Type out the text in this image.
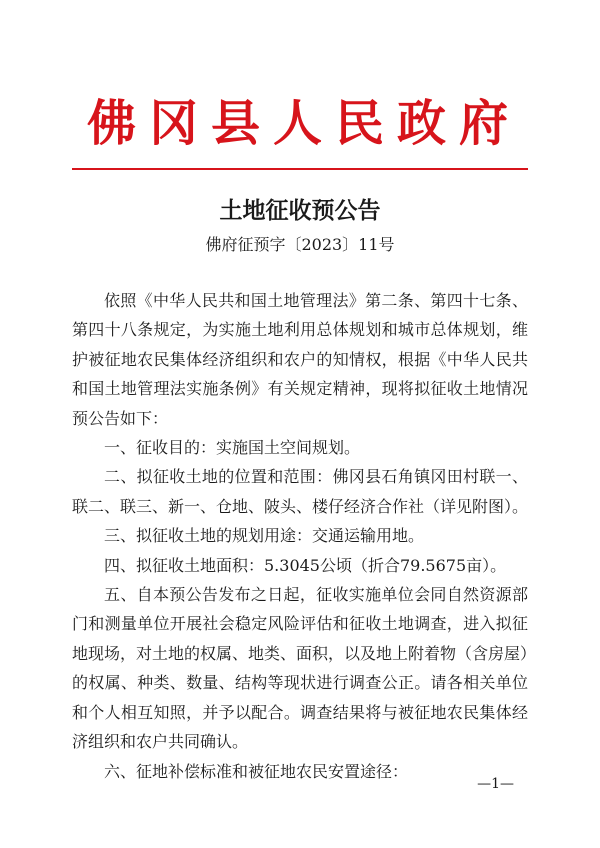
佛冈县人民政府
土地征收预公告
佛府征预字〔2023〕11号

依照《中华人民共和国土地管理法》第二条、第四十七条、第四十八条规定，为实施土地利用总体规划和城市总体规划，维护被征地农民集体经济组织和农户的知情权，根据《中华人民共和国土地管理法实施条例》有关规定精神，现将拟征收土地情况预公告如下：

一、征收目的：实施国土空间规划。

二、拟征收土地的位置和范围：佛冈县石角镇冈田村联一、联二、联三、新一、仓地、陂头、楼仔经济合作社（详见附图）。

三、拟征收土地的规划用途：交通运输用地。

四、拟征收土地面积：5.3045公顷（折合79.5675亩）。

五、自本预公告发布之日起，征收实施单位会同自然资源部门和测量单位开展社会稳定风险评估和征收土地调查，进入拟征地现场，对土地的权属、地类、面积，以及地上附着物（含房屋）的权属、种类、数量、结构等现状进行调查公正。请各相关单位和个人相互知照，并予以配合。调查结果将与被征地农民集体经济组织和农户共同确认。

六、征地补偿标准和被征地农民安置途径：

—1—
